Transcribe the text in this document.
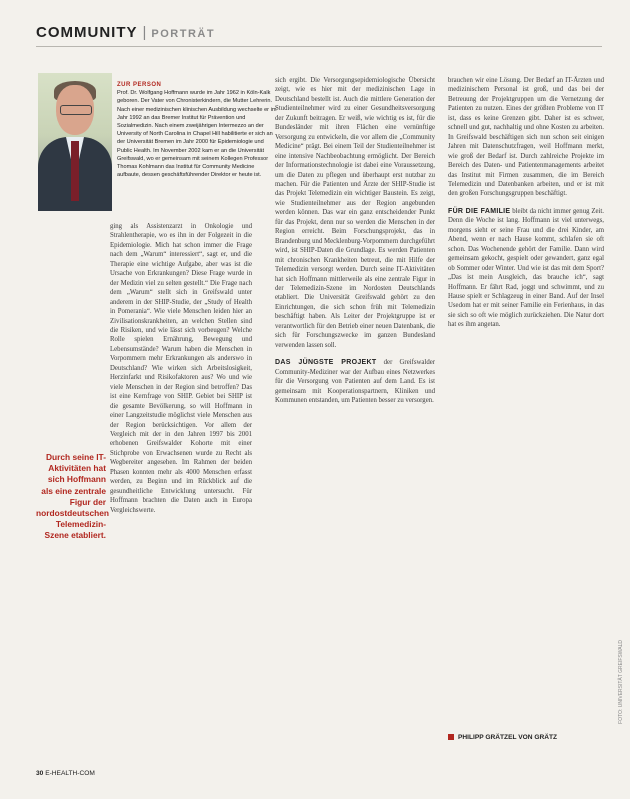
COMMUNITY | PORTRÄT
ZUR PERSON
Prof. Dr. Wolfgang Hoffmann wurde im Jahr 1962 in Köln-Kalk geboren. Der Vater von Chronisterkindern, die Mutter Lehrerin. Nach einer medizinischen klinischen Ausbildung wechselte er im Jahr 1992 an das Bremer Institut für Prävention und Sozialmedizin. Nach einem zweijährigen Intermezzo an der University of North Carolina in Chapel Hill habilitierte er sich an der Universität Bremen im Jahr 2000 für Epidemiologie und Public Health. Im November 2002 kam er an die Universität Greifswald, wo er gemeinsam mit seinem Kollegen Professor Thomas Kohlmann das Institut für Community Medicine aufbaute, dessen geschäftsführender Direktor er heute ist.
Durch seine IT-Aktivitäten hat sich Hoffmann als eine zentrale Figur der nordostdeutschen Telemedizin-Szene etabliert.

ging als Assistenzarzt in Onkologie und Strahlentherapie, wo es ihn in der Folgezeit in die Epidemiologie. Mich hat schon immer die Frage nach dem „Warum“ interessiert“, sagt er, und die Therapie eine wichtige Aufgabe, aber was ist die Ursache von Erkrankungen? Diese Frage wurde in der Medizin viel zu selten gestellt.“ Die Frage nach dem „Warum“ stellt sich in Greifswald unter anderem in der SHIP-Studie, der „Study of Health in Pomerania“. Wie viele Menschen leiden hier an Zivilisationskrankheiten, an welchen Stellen sind die Risiken, und wie lässt sich vorbeugen? Welche Rolle spielen Ernährung, Bewegung und Lebensumstände? Warum haben die Menschen in Vorpommern mehr Erkrankungen als anderswo in Deutschland? Wie wirken sich Arbeitslosigkeit, Herzinfarkt und Risikofaktoren aus? Wo und wie viele Menschen in der Region sind betroffen? Das ist eine Kernfrage von SHIP. Gebiet bei SHIP ist die gesamte Bevölkerung, so will Hoffmann in einer Langzeitstudie möglichst viele Menschen aus der Region berücksichtigen. Vor allem der Vergleich mit der in den Jahren 1997 bis 2001 erhobenen Greifswalder Kohorte mit einer Stichprobe von Erwachsenen wurde zu Recht als Wegbereiter angesehen. Im Rahmen der beiden Phasen konnten mehr als 4000 Menschen erfasst werden, zu Beginn und im Rückblick auf die gesundheitliche Entwicklung untersucht. Für Hoffmann brachten die Daten auch in Europa Vergleichswerte.

sich ergibt. Die Versorgungsepidemiologische Übersicht zeigt, wie es hier mit der medizinischen Lage in Deutschland bestellt ist. Auch die mittlere Generation der Studienteilnehmer wird zu einer Gesundheitsversorgung der Zukunft beitragen. Er weiß, wie wichtig es ist, für die Bundesländer mit ihren Flächen eine vernünftige Versorgung zu entwickeln, die vor allem die „Community Medicine“ prägt. Bei einem Teil der Studienteilnehmer ist eine intensive Nachbeobachtung ermöglicht. Der Bereich der Informationstechnologie ist dabei eine Voraussetzung, um die Daten zu pflegen und überhaupt erst nutzbar zu machen. Für die Patienten und Ärzte der SHIP-Studie ist das Projekt Telemedizin ein wichtiger Baustein. Es zeigt, wie Studienteilnehmer aus der Region angebunden werden können. Das war ein ganz entscheidender Punkt für das Projekt, denn nur so werden die Menschen in der Region erreicht. Beim Forschungsprojekt, das in Brandenburg und Mecklenburg-Vorpommern durchgeführt wird, ist SHIP-Daten die Grundlage. Es werden Patienten mit chronischen Krankheiten betreut, die mit Hilfe der Telemedizin versorgt werden. Durch seine IT-Aktivitäten hat sich Hoffmann mittlerweile als eine zentrale Figur in der Telemedizin-Szene im Nordosten Deutschlands etabliert. Die Universität Greifswald gehört zu den Einrichtungen, die sich schon früh mit Telemedizin beschäftigt haben. Als Leiter der Projektgruppe ist er verantwortlich für den Betrieb einer neuen Datenbank, die sich für Forschungszwecke im ganzen Bundesland verwenden lassen soll.

DAS JÜNGSTE PROJEKT der Greifswalder Community-Mediziner war der Aufbau eines Netzwerkes für die Versorgung von Patienten auf dem Land. Es ist gemeinsam mit Kooperationspartnern, Kliniken und Kommunen entstanden, um Patienten besser zu versorgen.

brauchen wir eine Lösung. Der Bedarf an IT-Ärzten und medizinischem Personal ist groß, und das bei der Betreuung der Projektgruppen um die Vernetzung der Patienten zu nutzen. Eines der größten Probleme von IT ist, dass es keine Grenzen gibt. Daher ist es schwer, schnell und gut, nachhaltig und ohne Kosten zu arbeiten. In Greifswald beschäftigen sich nun schon seit einigen Jahren mit Datenschutzfragen, weil Hoffmann merkt, wie groß der Bedarf ist. Durch zahlreiche Projekte im Bereich des Daten- und Patientenmanagements arbeitet das Institut mit Firmen zusammen, die im Bereich Telemedizin und Datenbanken arbeiten, und er ist mit den großen Forschungsgruppen beschäftigt.

FÜR DIE FAMILIE bleibt da nicht immer genug Zeit. Denn die Woche ist lang. Hoffmann ist viel unterwegs, morgens sieht er seine Frau und die drei Kinder, am Abend, wenn er nach Hause kommt, schlafen sie oft schon. Das Wochenende gehört der Familie. Dann wird gemeinsam gekocht, gespielt oder gewandert, ganz egal ob Sommer oder Winter. Und wie ist das mit dem Sport? „Das ist mein Ausgleich, das brauche ich“, sagt Hoffmann. Er fährt Rad, joggt und schwimmt, und zu Hause spielt er Schlagzeug in einer Band. Auf der Insel Usedom hat er mit seiner Familie ein Ferienhaus, in das sie sich so oft wie möglich zurückziehen. Die Natur dort hat es ihm angetan.

PHILIPP GRÄTZEL VON GRÄTZ
30 E-HEALTH-COM
FOTO: UNIVERSITÄT GREIFSWALD
